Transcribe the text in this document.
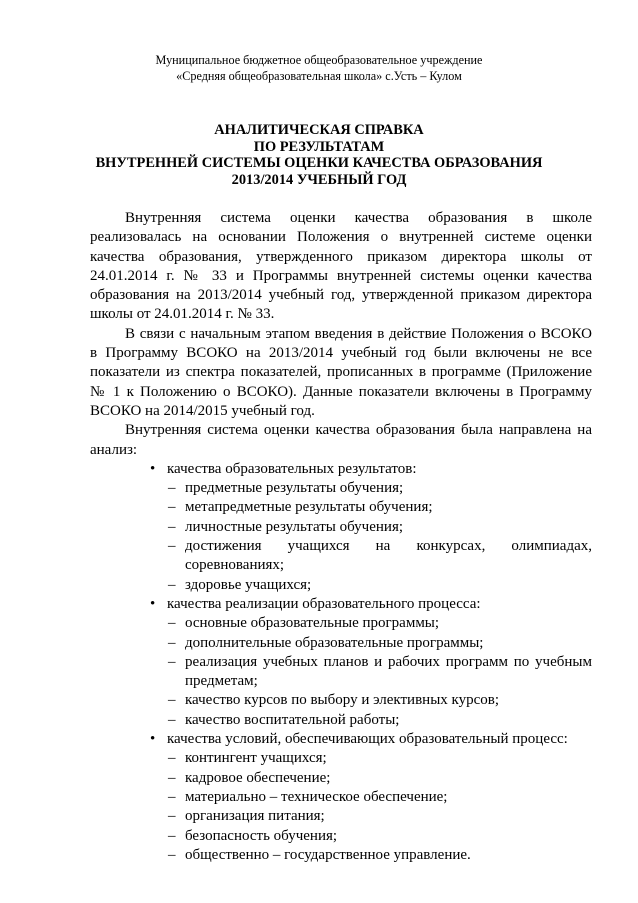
Муниципальное бюджетное общеобразовательное учреждение
«Средняя общеобразовательная школа» с.Усть – Кулом
АНАЛИТИЧЕСКАЯ СПРАВКА
ПО РЕЗУЛЬТАТАМ
ВНУТРЕННЕЙ СИСТЕМЫ ОЦЕНКИ КАЧЕСТВА ОБРАЗОВАНИЯ
2013/2014 УЧЕБНЫЙ ГОД

Внутренняя система оценки качества образования в школе реализовалась на основании Положения о внутренней системе оценки качества образования, утвержденного приказом директора школы от 24.01.2014 г. № 33 и Программы внутренней системы оценки качества образования на 2013/2014 учебный год, утвержденной приказом директора школы от 24.01.2014 г. № 33.

В связи с начальным этапом введения в действие Положения о ВСОКО в Программу ВСОКО на 2013/2014 учебный год были включены не все показатели из спектра показателей, прописанных в программе (Приложение № 1 к Положению о ВСОКО). Данные показатели включены в Программу ВСОКО на 2014/2015 учебный год.

Внутренняя система оценки качества образования была направлена на анализ:

• качества образовательных результатов:
– предметные результаты обучения;
– метапредметные результаты обучения;
– личностные результаты обучения;
– достижения учащихся на конкурсах, олимпиадах, соревнованиях;
– здоровье учащихся;
• качества реализации образовательного процесса:
– основные образовательные программы;
– дополнительные образовательные программы;
– реализация учебных планов и рабочих программ по учебным предметам;
– качество курсов по выбору и элективных курсов;
– качество воспитательной работы;
• качества условий, обеспечивающих образовательный процесс:
– контингент учащихся;
– кадровое обеспечение;
– материально – техническое обеспечение;
– организация питания;
– безопасность обучения;
– общественно – государственное управление.
